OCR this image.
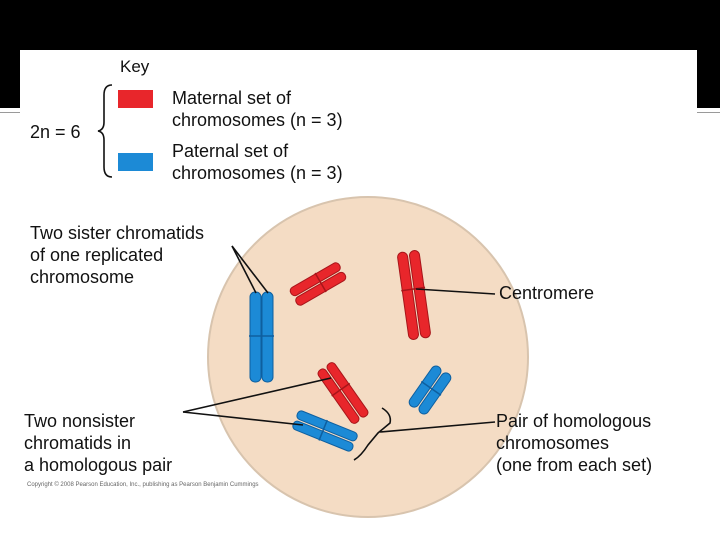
Key
2n = 6
Maternal set of
chromosomes (n = 3)
Paternal set of
chromosomes (n = 3)
Two sister chromatids
of one replicated
chromosome
Centromere
Two nonsister
chromatids in
a homologous pair
Pair of homologous
chromosomes
(one from each set)
Copyright © 2008 Pearson Education, Inc., publishing as Pearson Benjamin Cummings
